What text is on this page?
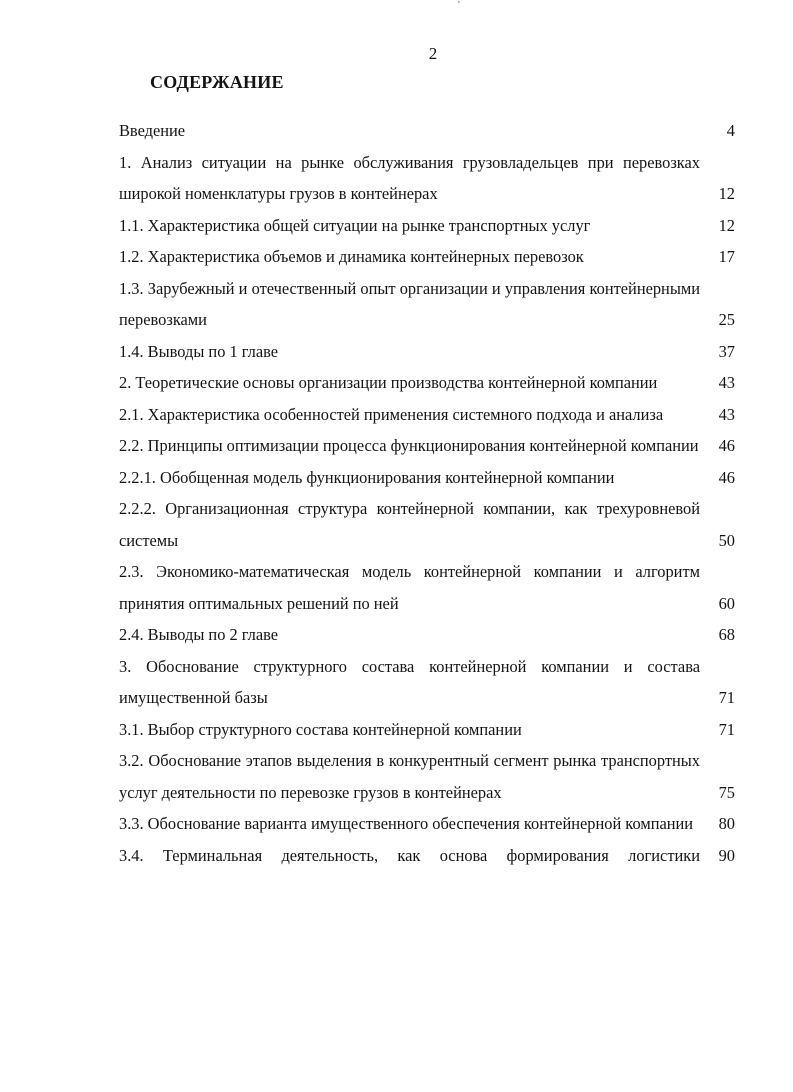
'
2
СОДЕРЖАНИЕ
Введение	4
1. Анализ ситуации на рынке обслуживания грузовладельцев при перевозках широкой номенклатуры грузов в контейнерах	12
1.1. Характеристика общей ситуации на рынке транспортных услуг	12
1.2. Характеристика объемов и динамика контейнерных перевозок	17
1.3. Зарубежный и отечественный опыт организации и управления контейнерными перевозками	25
1.4. Выводы по 1 главе	37
2. Теоретические основы организации производства контейнерной компании	43
2.1. Характеристика особенностей применения системного подхода и анализа	43
2.2. Принципы оптимизации процесса функционирования контейнерной компании	46
2.2.1. Обобщенная модель функционирования контейнерной компании	46
2.2.2. Организационная структура контейнерной компании, как трехуровневой системы	50
2.3. Экономико-математическая модель контейнерной компании и алгоритм принятия оптимальных решений по ней	60
2.4. Выводы по 2 главе	68
3. Обоснование структурного состава контейнерной компании и состава имущественной базы	71
3.1. Выбор структурного состава контейнерной компании	71
3.2. Обоснование этапов выделения в конкурентный сегмент рынка транспортных услуг деятельности по перевозке грузов в контейнерах	75
3.3. Обоснование варианта имущественного обеспечения контейнерной компании	80
3.4. Терминальная деятельность, как основа формирования логистики	90
